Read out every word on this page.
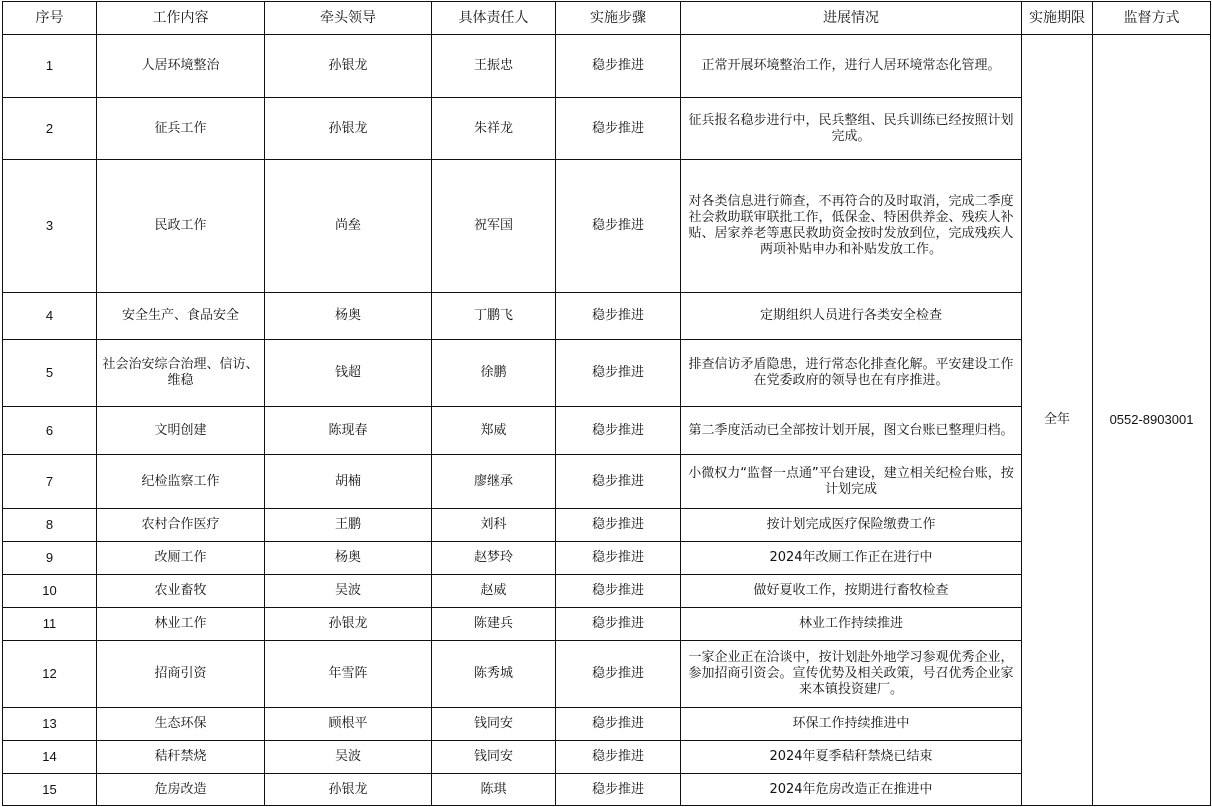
序号	工作内容	牵头领导	具体责任人	实施步骤	进展情况	实施期限	监督方式
1	人居环境整治	孙银龙	王振忠	稳步推进	正常开展环境整治工作，进行人居环境常态化管理。	全年	0552-8903001
2	征兵工作	孙银龙	朱祥龙	稳步推进	征兵报名稳步进行中，民兵整组、民兵训练已经按照计划完成。		
3	民政工作	尚垒	祝军国	稳步推进	对各类信息进行筛查，不再符合的及时取消，完成二季度社会救助联审联批工作，低保金、特困供养金、残疾人补贴、居家养老等惠民救助资金按时发放到位，完成残疾人两项补贴申办和补贴发放工作。		
4	安全生产、食品安全	杨奥	丁鹏飞	稳步推进	定期组织人员进行各类安全检查		
5	社会治安综合治理、信访、维稳	钱超	徐鹏	稳步推进	排查信访矛盾隐患，进行常态化排查化解。平安建设工作在党委政府的领导也在有序推进。		
6	文明创建	陈现春	郑威	稳步推进	第二季度活动已全部按计划开展，图文台账已整理归档。		
7	纪检监察工作	胡楠	廖继承	稳步推进	小微权力“监督一点通”平台建设，建立相关纪检台账，按计划完成		
8	农村合作医疗	王鹏	刘科	稳步推进	按计划完成医疗保险缴费工作		
9	改厕工作	杨奥	赵梦玲	稳步推进	2024年改厕工作正在进行中		
10	农业畜牧	吴波	赵威	稳步推进	做好夏收工作，按期进行畜牧检查		
11	林业工作	孙银龙	陈建兵	稳步推进	林业工作持续推进		
12	招商引资	年雪阵	陈秀城	稳步推进	一家企业正在洽谈中，按计划赴外地学习参观优秀企业，参加招商引资会。宣传优势及相关政策，号召优秀企业家来本镇投资建厂。		
13	生态环保	顾根平	钱同安	稳步推进	环保工作持续推进中		
14	秸秆禁烧	吴波	钱同安	稳步推进	2024年夏季秸秆禁烧已结束		
15	危房改造	孙银龙	陈琪	稳步推进	2024年危房改造正在推进中		
